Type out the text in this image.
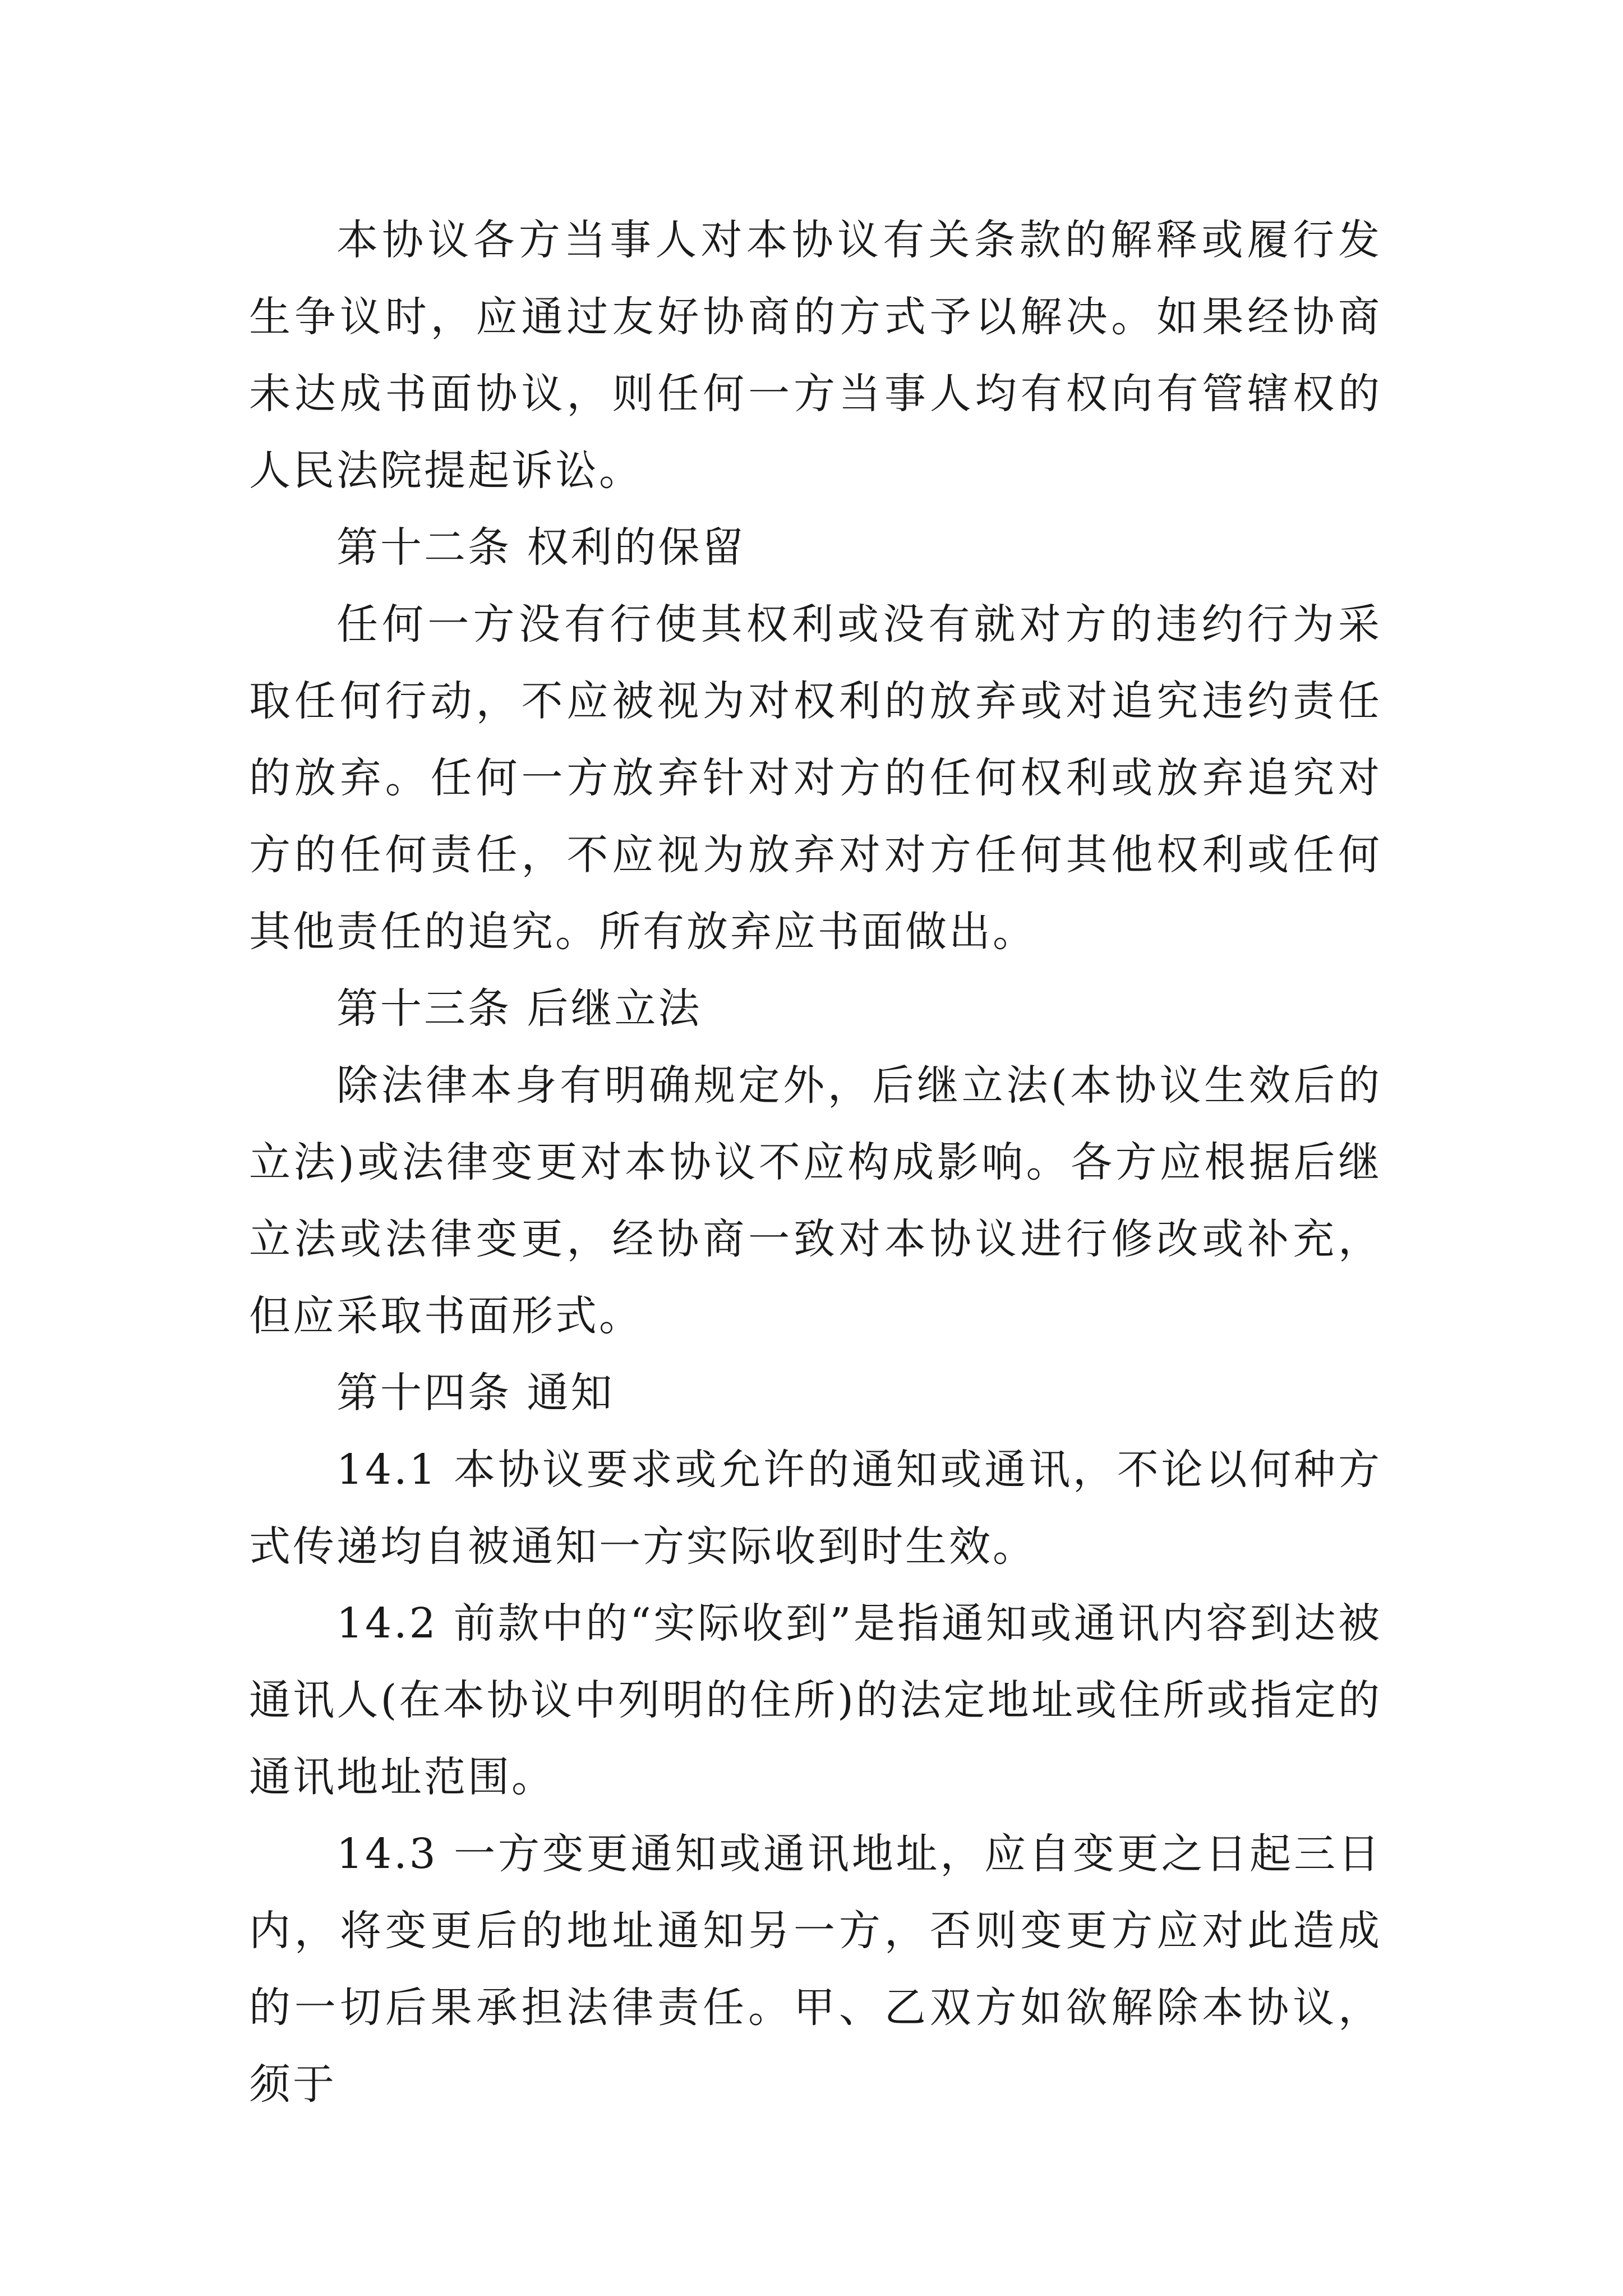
本协议各方当事人对本协议有关条款的解释或履行发生争议时，应通过友好协商的方式予以解决。如果经协商未达成书面协议，则任何一方当事人均有权向有管辖权的人民法院提起诉讼。

第十二条 权利的保留

任何一方没有行使其权利或没有就对方的违约行为采取任何行动，不应被视为对权利的放弃或对追究违约责任的放弃。任何一方放弃针对对方的任何权利或放弃追究对方的任何责任，不应视为放弃对对方任何其他权利或任何其他责任的追究。所有放弃应书面做出。

第十三条 后继立法

除法律本身有明确规定外，后继立法(本协议生效后的立法)或法律变更对本协议不应构成影响。各方应根据后继立法或法律变更，经协商一致对本协议进行修改或补充，但应采取书面形式。

第十四条 通知

14.1 本协议要求或允许的通知或通讯，不论以何种方式传递均自被通知一方实际收到时生效。

14.2 前款中的“实际收到”是指通知或通讯内容到达被通讯人(在本协议中列明的住所)的法定地址或住所或指定的通讯地址范围。

14.3 一方变更通知或通讯地址，应自变更之日起三日内，将变更后的地址通知另一方，否则变更方应对此造成的一切后果承担法律责任。甲、乙双方如欲解除本协议，须于
